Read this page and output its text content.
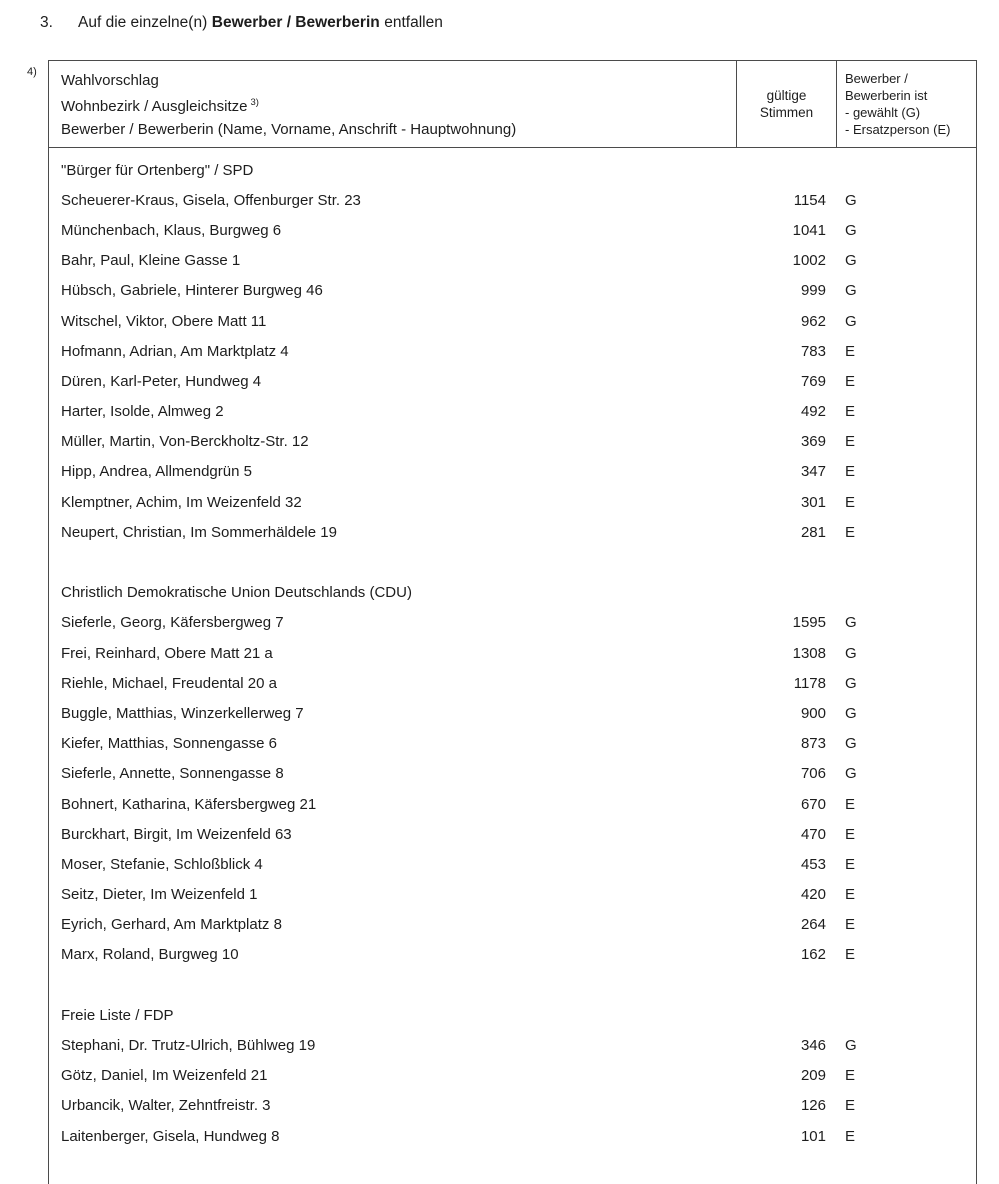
3.	Auf die einzelne(n) Bewerber / Bewerberin entfallen
4) Wahlvorschlag
Wohnbezirk / Ausgleichsitze $^{3)}$
Bewerber / Bewerberin (Name, Vorname, Anschrift - Hauptwohnung)
gültige
Stimmen
Bewerber /
Bewerberin ist
- gewählt (G)
- Ersatzperson (E)
"Bürger für Ortenberg" / SPD
Scheuerer-Kraus, Gisela, Offenburger Str. 23	1154	G
Münchenbach, Klaus, Burgweg 6	1041	G
Bahr, Paul, Kleine Gasse 1	1002	G
Hübsch, Gabriele, Hinterer Burgweg 46	999	G
Witschel, Viktor, Obere Matt 11	962	G
Hofmann, Adrian, Am Marktplatz 4	783	E
Düren, Karl-Peter, Hundweg 4	769	E
Harter, Isolde, Almweg 2	492	E
Müller, Martin, Von-Berckholtz-Str. 12	369	E
Hipp, Andrea, Allmendgrün 5	347	E
Klemptner, Achim, Im Weizenfeld 32	301	E
Neupert, Christian, Im Sommerhäldele 19	281	E
Christlich Demokratische Union Deutschlands (CDU)
Sieferle, Georg, Käfersbergweg 7	1595	G
Frei, Reinhard, Obere Matt 21 a	1308	G
Riehle, Michael, Freudental 20 a	1178	G
Buggle, Matthias, Winzerkellerweg 7	900	G
Kiefer, Matthias, Sonnengasse 6	873	G
Sieferle, Annette, Sonnengasse 8	706	G
Bohnert, Katharina, Käfersbergweg 21	670	E
Burckhart, Birgit, Im Weizenfeld 63	470	E
Moser, Stefanie, Schloßblick 4	453	E
Seitz, Dieter, Im Weizenfeld 1	420	E
Eyrich, Gerhard, Am Marktplatz 8	264	E
Marx, Roland, Burgweg 10	162	E
Freie Liste / FDP
Stephani, Dr. Trutz-Ulrich, Bühlweg 19	346	G
Götz, Daniel, Im Weizenfeld 21	209	E
Urbancik, Walter, Zehntfreistr. 3	126	E
Laitenberger, Gisela, Hundweg 8	101	E
